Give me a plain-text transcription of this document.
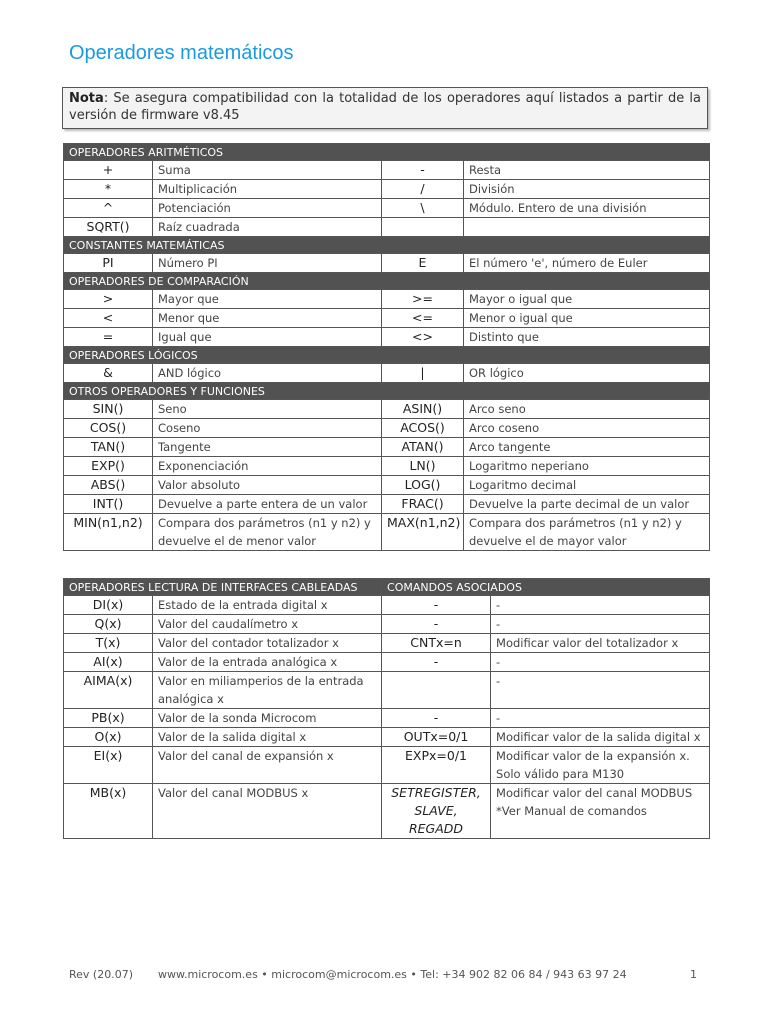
Operadores matemáticos
Nota: Se asegura compatibilidad con la totalidad de los operadores aquí listados a partir de la versión de firmware v8.45
OPERADORES ARITMÉTICOS			
+	Suma	-	Resta
*	Multiplicación	/	División
^	Potenciación	\	Módulo. Entero de una división
SQRT()	Raíz cuadrada		
CONSTANTES MATEMÁTICAS			
PI	Número PI	E	El número 'e', número de Euler
OPERADORES DE COMPARACIÓN			
>	Mayor que	>=	Mayor o igual que
<	Menor que	<=	Menor o igual que
=	Igual que	<>	Distinto que
OPERADORES LÓGICOS			
&	AND lógico	|	OR lógico
OTROS OPERADORES Y FUNCIONES			
SIN()	Seno	ASIN()	Arco seno
COS()	Coseno	ACOS()	Arco coseno
TAN()	Tangente	ATAN()	Arco tangente
EXP()	Exponenciación	LN()	Logaritmo neperiano
ABS()	Valor absoluto	LOG()	Logaritmo decimal
INT()	Devuelve a parte entera de un valor	FRAC()	Devuelve la parte decimal de un valor
MIN(n1,n2)	Compara dos parámetros (n1 y n2) y devuelve el de menor valor	MAX(n1,n2)	Compara dos parámetros (n1 y n2) y devuelve el de mayor valor
OPERADORES LECTURA DE INTERFACES CABLEADAS		COMANDOS ASOCIADOS	
DI(x)	Estado de la entrada digital x	-	-
Q(x)	Valor del caudalímetro x	-	-
T(x)	Valor del contador totalizador x	CNTx=n	Modificar valor del totalizador x
AI(x)	Valor de la entrada analógica x	-	-
AIMA(x)	Valor en miliamperios de la entrada analógica x		-
PB(x)	Valor de la sonda Microcom	-	-
O(x)	Valor de la salida digital x	OUTx=0/1	Modificar valor de la salida digital x
EI(x)	Valor del canal de expansión x	EXPx=0/1	Modificar valor de la expansión x. Solo válido para M130
MB(x)	Valor del canal MODBUS x	SETREGISTER, SLAVE, REGADD	Modificar valor del canal MODBUS *Ver Manual de comandos
Rev (20.07) www.microcom.es • microcom@microcom.es • Tel: +34 902 82 06 84 / 943 63 97 24	1
